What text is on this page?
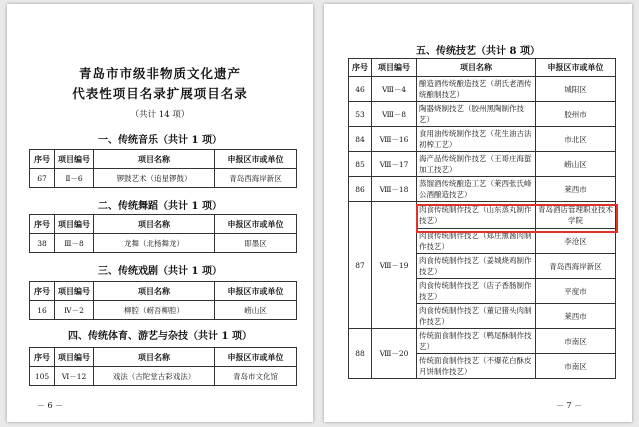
青岛市市级非物质文化遗产
代表性项目名录扩展项目名录
（共计 14 项）
一、传统音乐（共计 1 项）
序号	项目编号	项目名称	申报区市或单位
67	Ⅱ－6	锣鼓艺术（追星锣鼓）	青岛西海岸新区
二、传统舞蹈（共计 1 项）
序号	项目编号	项目名称	申报区市或单位
38	Ⅲ－8	龙舞（北杨舞龙）	即墨区
三、传统戏剧（共计 1 项）
序号	项目编号	项目名称	申报区市或单位
16	Ⅳ－2	柳腔（崂吾柳腔）	崂山区
四、传统体育、游艺与杂技（共计 1 项）
序号	项目编号	项目名称	申报区市或单位
105	Ⅵ－12	戏法（古陀堂古彩戏法）	青岛市文化馆
－ 6 －
五、传统技艺（共计 8 项）
序号	项目编号	项目名称	申报区市或单位
46	Ⅷ－4	酿造酒传统酿造技艺（胡氏老酒传统酿制技艺）	城阳区
53	Ⅷ－8	陶器烧制技艺（胶州黑陶制作技艺）	胶州市
84	Ⅷ－16	食用油传统制作技艺（花生油古法初榨工艺）	市北区
85	Ⅷ－17	海产品传统制作技艺（王哥庄海蜇加工技艺）	崂山区
86	Ⅷ－18	蒸馏酒传统酿造工艺（莱西张氏峰公酒酿造技艺）	莱西市
87	Ⅷ－19	肉食传统制作技艺（山东蒸丸制作技艺）	青岛酒店管理职业技术学院
		肉食传统制作技艺（郑庄熏酱肉制作技艺）	李沧区
		肉食传统制作技艺（姜城烧鸡制作技艺）	青岛西海岸新区
		肉食传统制作技艺（店子香肠制作技艺）	平度市
		肉食传统制作技艺（董记猪头肉制作技艺）	莱西市
88	Ⅷ－20	传统面食制作技艺（鸭尾酥制作技艺）	市南区
		传统面食制作技艺（不爆花白酥皮月饼制作技艺）	市南区
－ 7 －
